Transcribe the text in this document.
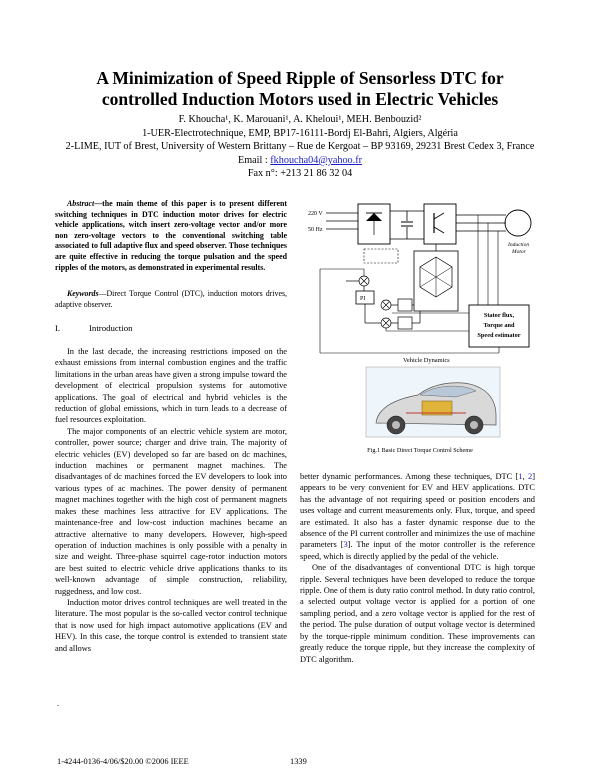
A Minimization of Speed Ripple of Sensorless DTC for
controlled Induction Motors used in Electric Vehicles
F. Khoucha¹, K. Marouani¹, A. Kheloui¹, MEH. Benbouzid²
1-UER-Electrotechnique, EMP, BP17-16111-Bordj El-Bahri, Algiers, Algéria
2-LIME, IUT of Brest, University of Western Brittany – Rue de Kergoat – BP 93169, 29231 Brest Cedex 3, France
Email : fkhoucha04@yahoo.fr
Fax n°: +213 21 86 32 04
Abstract—the main theme of this paper is to present different switching techniques in DTC induction motor drives for electric vehicle applications, witch insert zero-voltage vector and/or more non zero-voltage vectors to the conventional switching table associated to full adaptive flux and speed observer. Those techniques are quite effective in reducing the torque pulsation and the speed ripples of the motors, as demonstrated in experimental results.
Keywords—Direct Torque Control (DTC), induction motors drives, adaptive observer.
I.	Introduction

In the last decade, the increasing restrictions imposed on the exhaust emissions from internal combustion engines and the traffic limitations in the urban areas have given a strong impulse toward the development of electrical propulsion systems for automotive applications. The goal of electrical and hybrid vehicles is the reduction of global emissions, which in turn leads to a decrease of fuel resources exploitation.

The major components of an electric vehicle system are motor, controller, power source; charger and drive train. The majority of electric vehicles (EV) developed so far are based on dc machines, induction machines or permanent magnet machines. The disadvantages of dc machines forced the EV developers to look into various types of ac machines. The power density of permanent magnet machines together with the high cost of permanent magnets makes these machines less attractive for EV applications. The maintenance-free and low-cost induction machines became an attractive alternative to many developers. However, high-speed operation of induction machines is only possible with a penalty in size and weight. Three-phase squirrel cage-rotor induction motors are best suited to electric vehicle drive applications thanks to its well-known advantage of simple construction, reliability, ruggedness, and low cost.

Induction motor drives control techniques are well treated in the literature. The most popular is the so-called vector control technique that is now used for high impact automotive applications (EV and HEV). In this case, the torque control is extended to transient state and allows

.
220 V
50 Hz
Induction
Motor
PI
Stator flux,
Torque and
Speed estimator
Vehicle Dynamics
Fig.1 Basic Direct Torque Control Scheme

better dynamic performances. Among these techniques, DTC [1, 2] appears to be very convenient for EV and HEV applications. DTC has the advantage of not requiring speed or position encoders and uses voltage and current measurements only. Flux, torque, and speed are estimated. It also has a faster dynamic response due to the absence of the PI current controller and minimizes the use of machine parameters [3]. The input of the motor controller is the reference speed, which is directly applied by the pedal of the vehicle.

One of the disadvantages of conventional DTC is high torque ripple. Several techniques have been developed to reduce the torque ripple. One of them is duty ratio control method. In duty ratio control, a selected output voltage vector is applied for a portion of one sampling period, and a zero voltage vector is applied for the rest of the period. The pulse duration of output voltage vector is determined by the torque-ripple minimum condition. These improvements can greatly reduce the torque ripple, but they increase the complexity of DTC algorithm.

1-4244-0136-4/06/$20.00 ©2006 IEEE	1339
